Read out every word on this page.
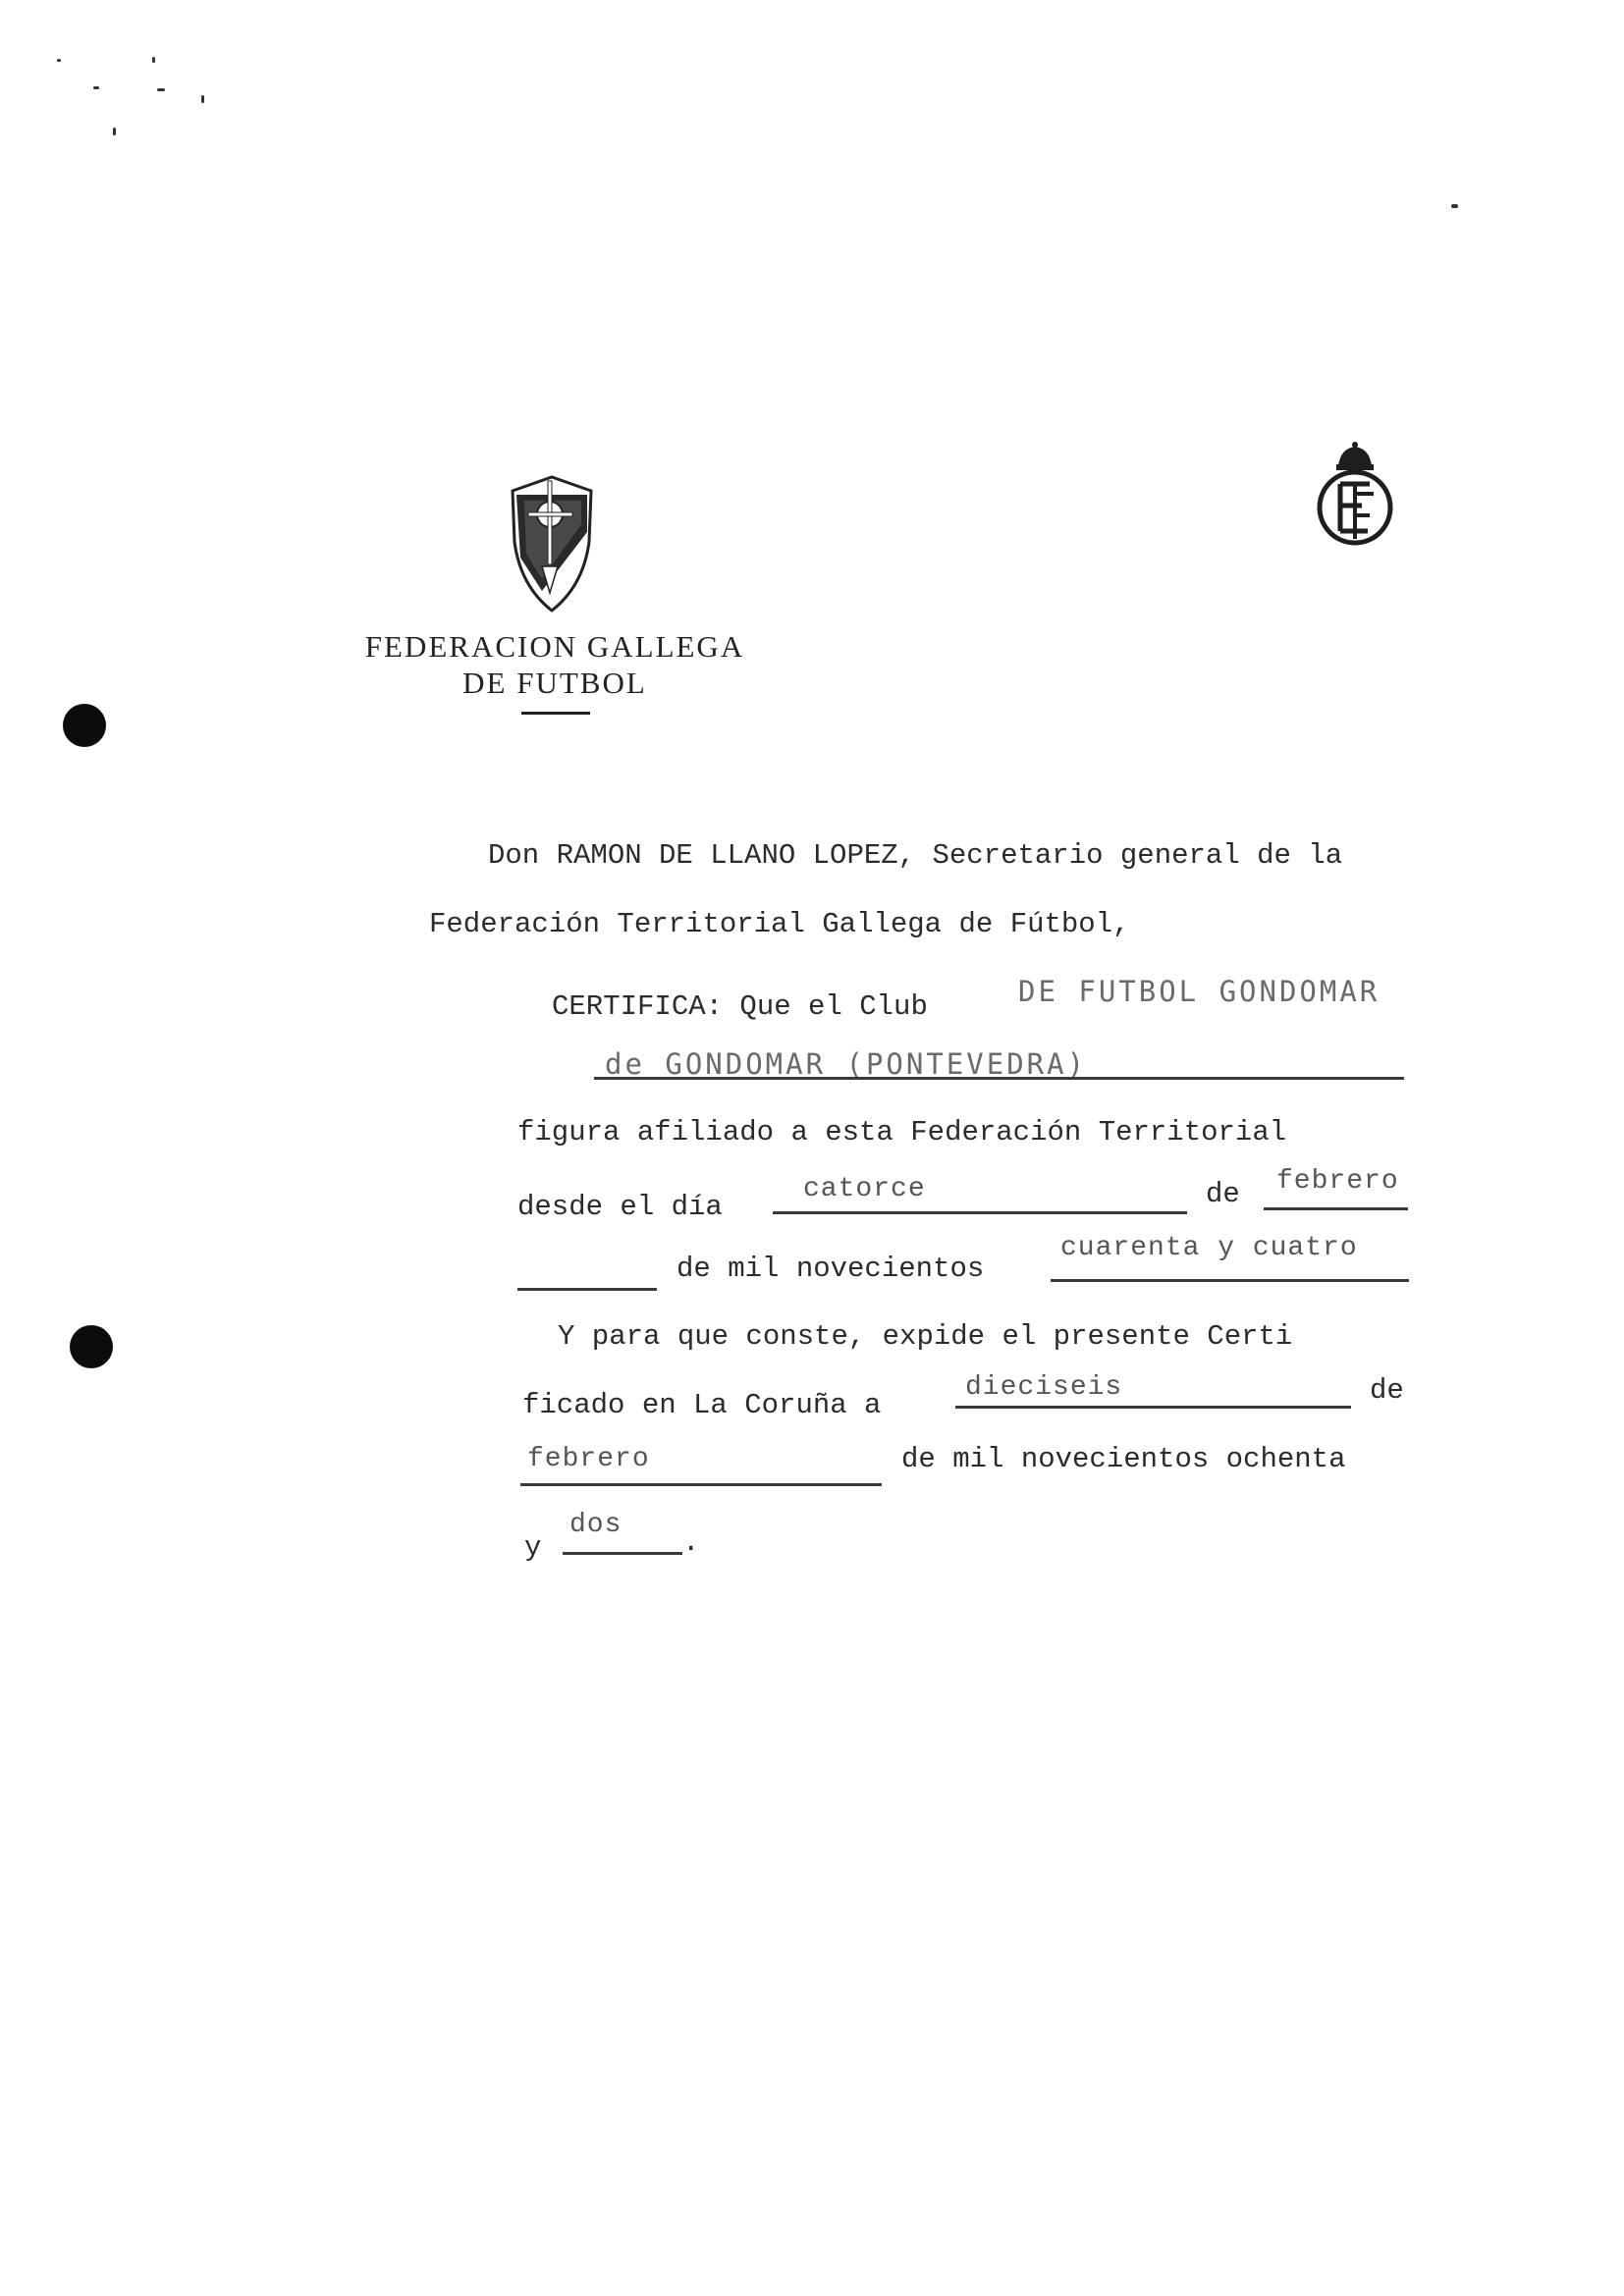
FEDERACION GALLEGA
DE FUTBOL
Don RAMON DE LLANO LOPEZ, Secretario general de la
Federación Territorial Gallega de Fútbol,
CERTIFICA: Que el Club	DE FUTBOL GONDOMAR
de GONDOMAR (PONTEVEDRA)
figura afiliado a esta Federación Territorial
desde el día
catorce	de febrero
de mil novecientos
cuarenta y cuatro
Y para que conste, expide el presente Certi
ficado en La Coruña a
dieciseis	de
febrero	de mil novecientos ochenta
y
dos
.
